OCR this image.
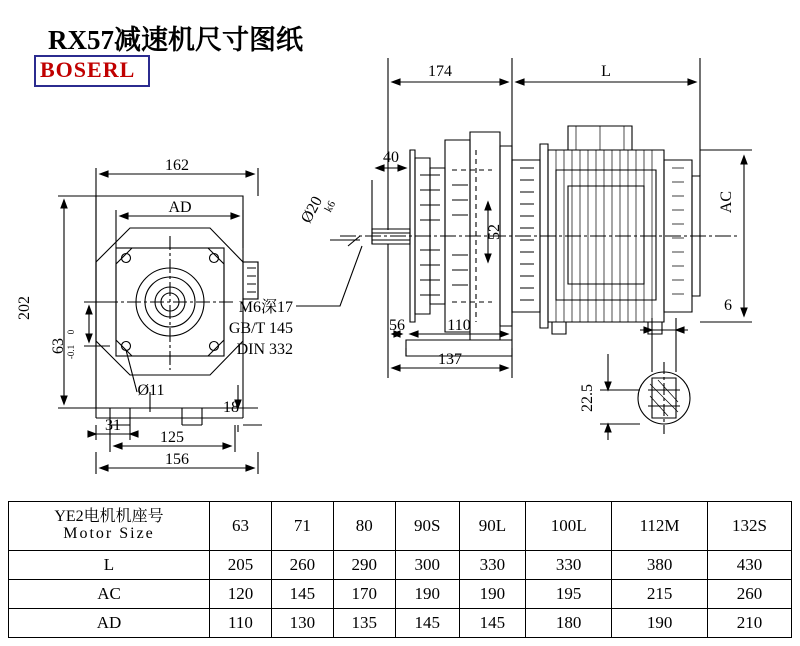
RX57减速机尺寸图纸
BOSERL	174	L
40
52
56	110
137
162
AD
202
31
125
156
18
Ø11
AC
6
22.5
63
0
-0.1
Ø20
k6
M6深17
GB/T 145
DIN 332
YE2电机机座号
Motor Size	63	71	80	90S	90L	100L	112M	132S
L	205	260	290	300	330	330	380	430
AC	120	145	170	190	190	195	215	260
AD	110	130	135	145	145	180	190	210
